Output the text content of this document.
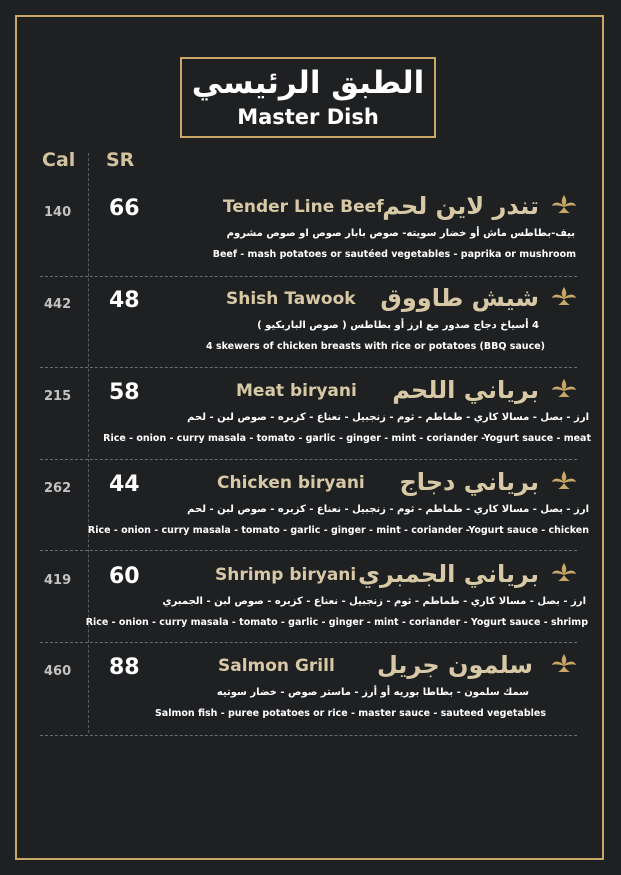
الطبق الرئيسي
Master Dish
Cal SR
140 66	Tender Line Beef
تندر لاين لحم
بيف-بطاطس ماش أو خضار سويته- صوص بابار صوص او صوص مشروم
Beef - mash potatoes or sautéed vegetables - paprika or mushroom
442 48	Shish Tawook شيش طاووق
4 أسياخ دجاج صدور مع ارز أو بطاطس ( صوص الباربكيو )
4 skewers of chicken breasts with rice or potatoes (BBQ sauce)
215 58	Meat biryani برياني اللحم
ارز - بصل - مسالا كاري - طماطم - ثوم - زنجبيل - نعناع - كزبره - صوص لبن - لحم
Rice - onion - curry masala - tomato - garlic - ginger - mint - coriander -Yogurt sauce - meat
262 44	Chicken biryani برياني دجاج
ارز - بصل - مسالا كاري - طماطم - ثوم - زنجبيل - نعناع - كزبره - صوص لبن - لحم
Rice - onion - curry masala - tomato - garlic - ginger - mint - coriander -Yogurt sauce - chicken
419 60	Shrimp biryani برياني الجمبري
ارز - بصل - مسالا كاري - طماطم - ثوم - زنجبيل - نعناع - كزبره - صوص لبن - الجمبري
Rice - onion - curry masala - tomato - garlic - ginger - mint - coriander - Yogurt sauce - shrimp
460 88	Salmon Grill سلمون جريل
سمك سلمون - بطاطا بوريه أو أرز - ماستر صوص - خضار سوتيه
Salmon fish - puree potatoes or rice - master sauce - sauteed vegetables
